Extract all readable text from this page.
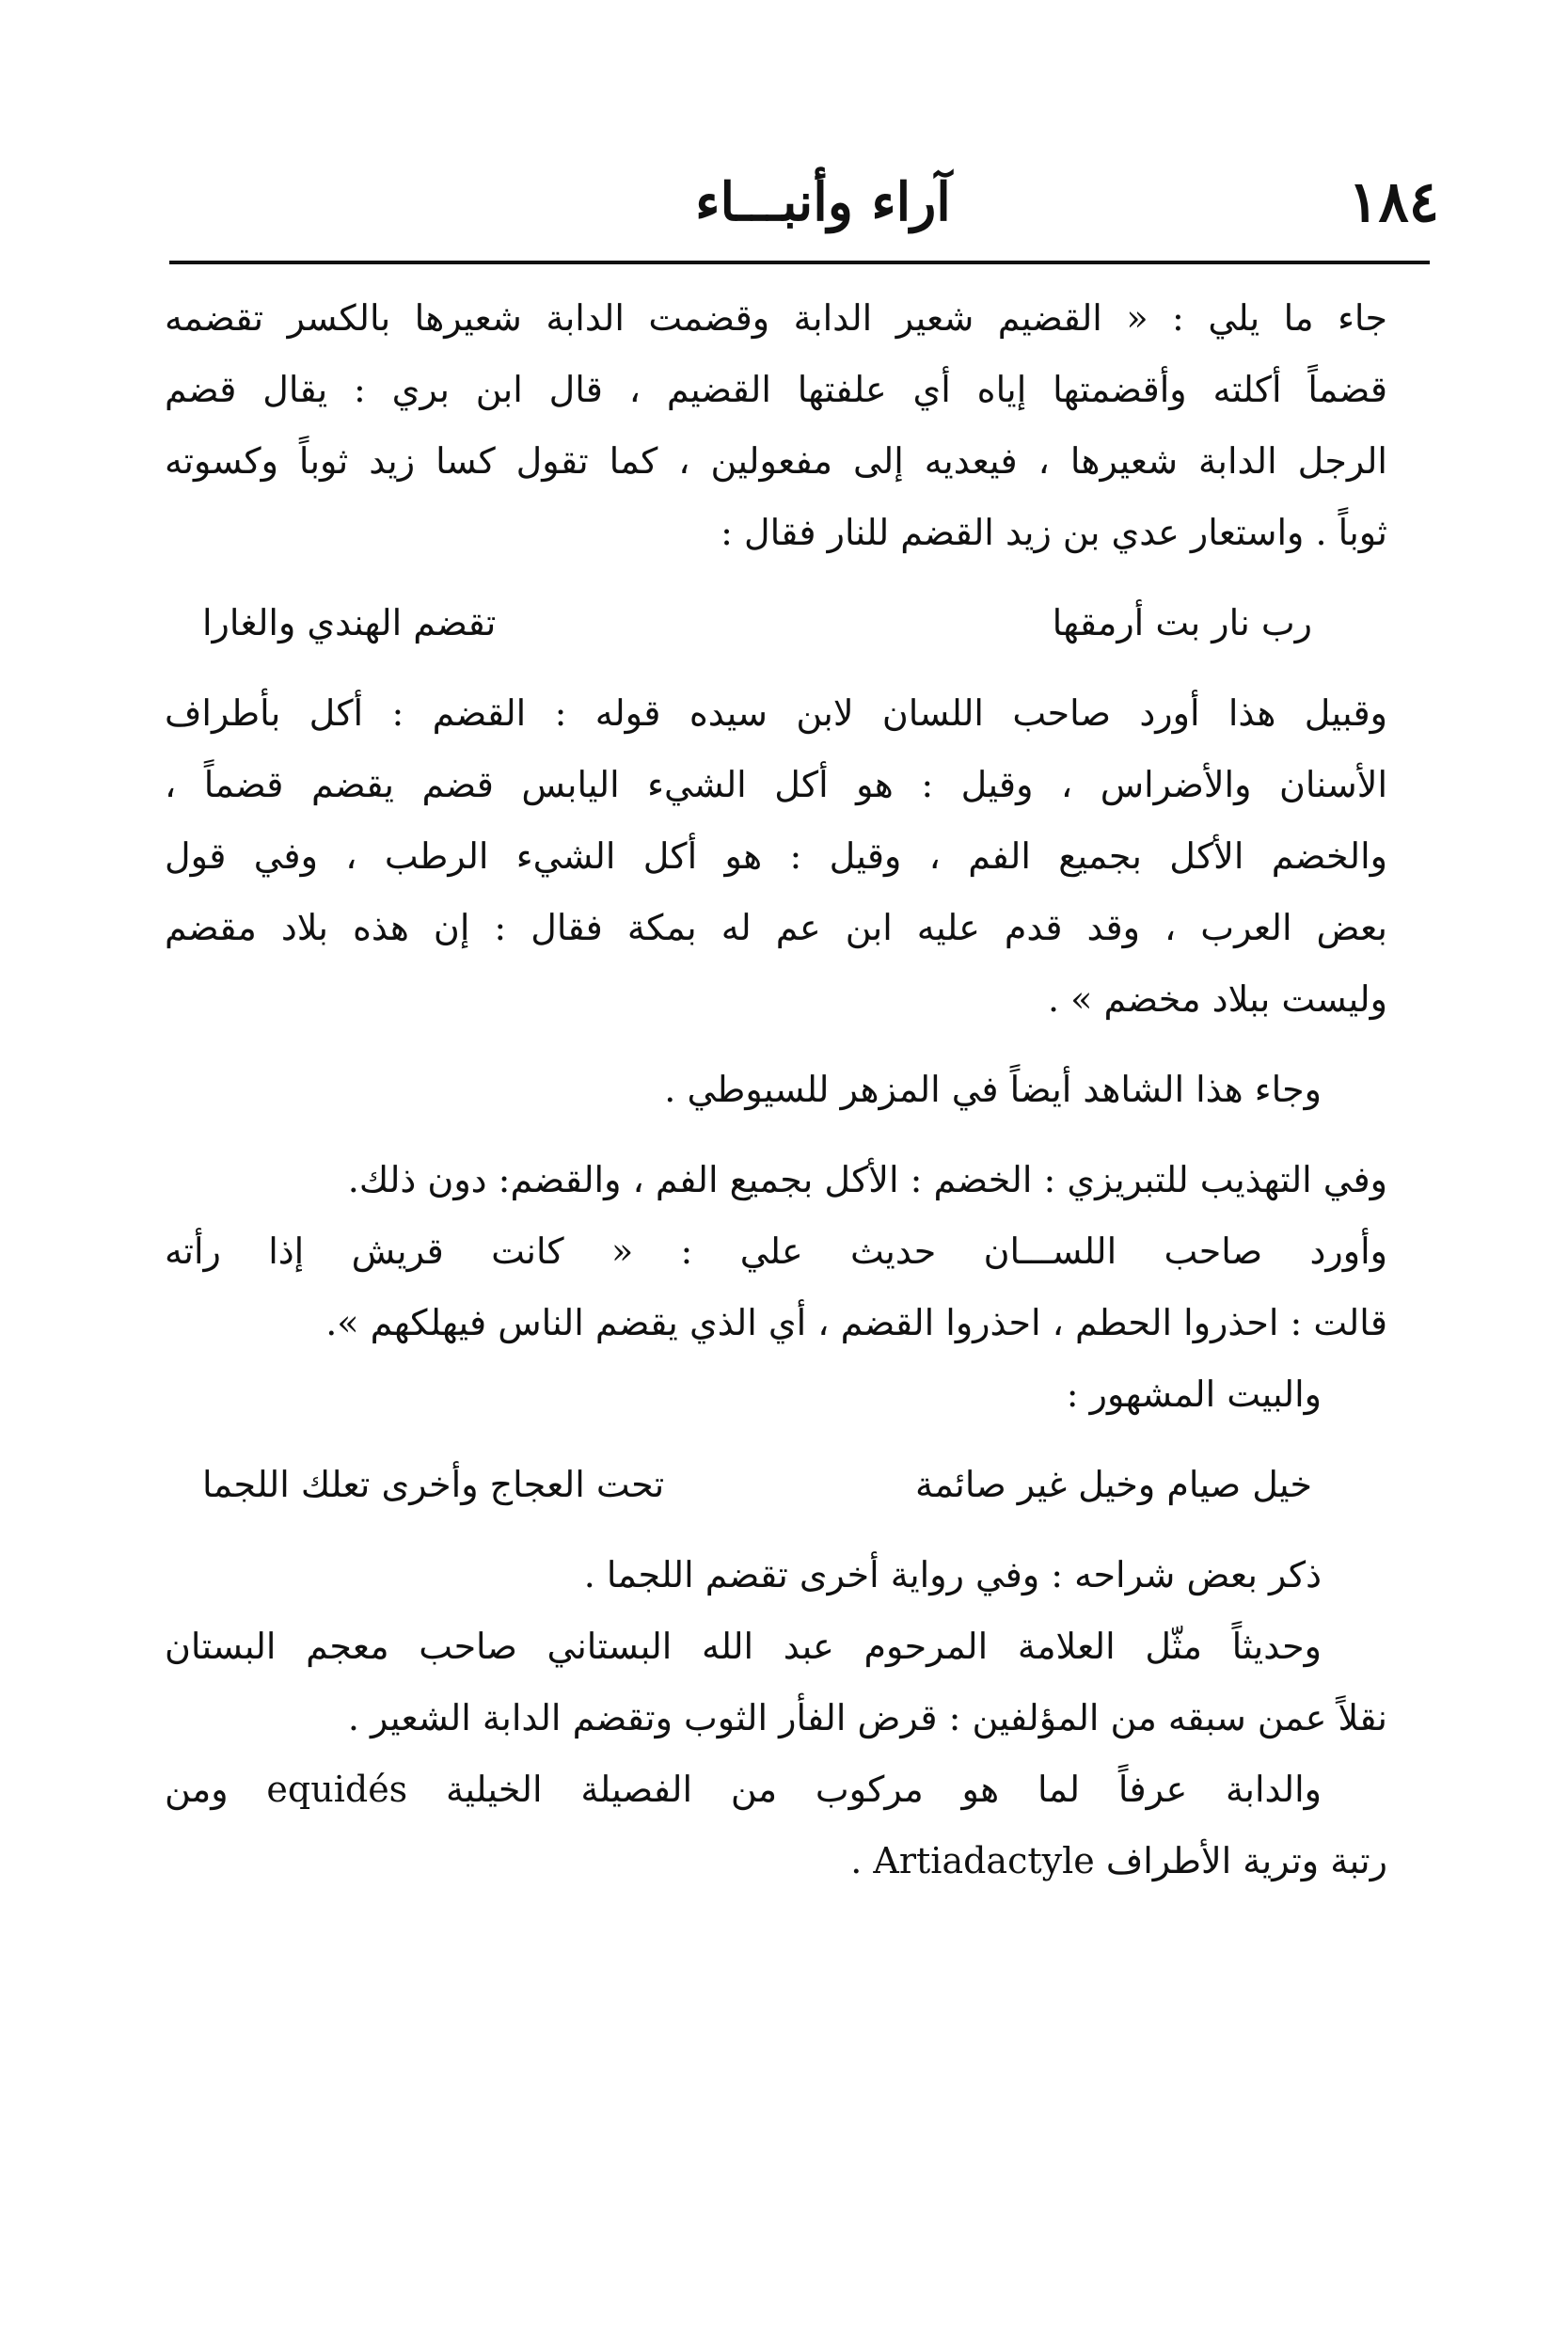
١٨٤
آراء وأنبـــاء
جاء ما يلي : « القضيم شعير الدابة وقضمت الدابة شعيرها بالكسر تقضمه
قضماً أكلته وأقضمتها إياه أي علفتها القضيم ، قال ابن بري : يقال قضم
الرجل الدابة شعيرها ، فيعديه إلى مفعولين ، كما تقول كسا زيد ثوباً وكسوته
ثوباً . واستعار عدي بن زيد القضم للنار فقال :
رب نار بت أرمقها
تقضم الهندي والغارا
وقبيل هذا أورد صاحب اللسان لابن سيده قوله : القضم : أكل بأطراف
الأسنان والأضراس ، وقيل : هو أكل الشيء اليابس قضم يقضم قضماً ،
والخضم الأكل بجميع الفم ، وقيل : هو أكل الشيء الرطب ، وفي قول
بعض العرب ، وقد قدم عليه ابن عم له بمكة فقال : إن هذه بلاد مقضم
وليست ببلاد مخضم » .
وجاء هذا الشاهد أيضاً في المزهر للسيوطي .
وفي التهذيب للتبريزي : الخضم : الأكل بجميع الفم ، والقضم: دون ذلك.
وأورد صاحب اللســـان حديث علي : « كانت قريش إذا رأته
قالت : احذروا الحطم ، احذروا القضم ، أي الذي يقضم الناس فيهلكهم ».
والبيت المشهور :
خيل صيام وخيل غير صائمة
تحت العجاج وأخرى تعلك اللجما
ذكر بعض شراحه : وفي رواية أخرى تقضم اللجما .
وحديثاً مثّل العلامة المرحوم عبد الله البستاني صاحب معجم البستان
نقلاً عمن سبقه من المؤلفين : قرض الفأر الثوب وتقضم الدابة الشعير .
والدابة عرفاً لما هو مركوب من الفصيلة الخيلية equidés ومن
رتبة وترية الأطراف Artiadactyle .
